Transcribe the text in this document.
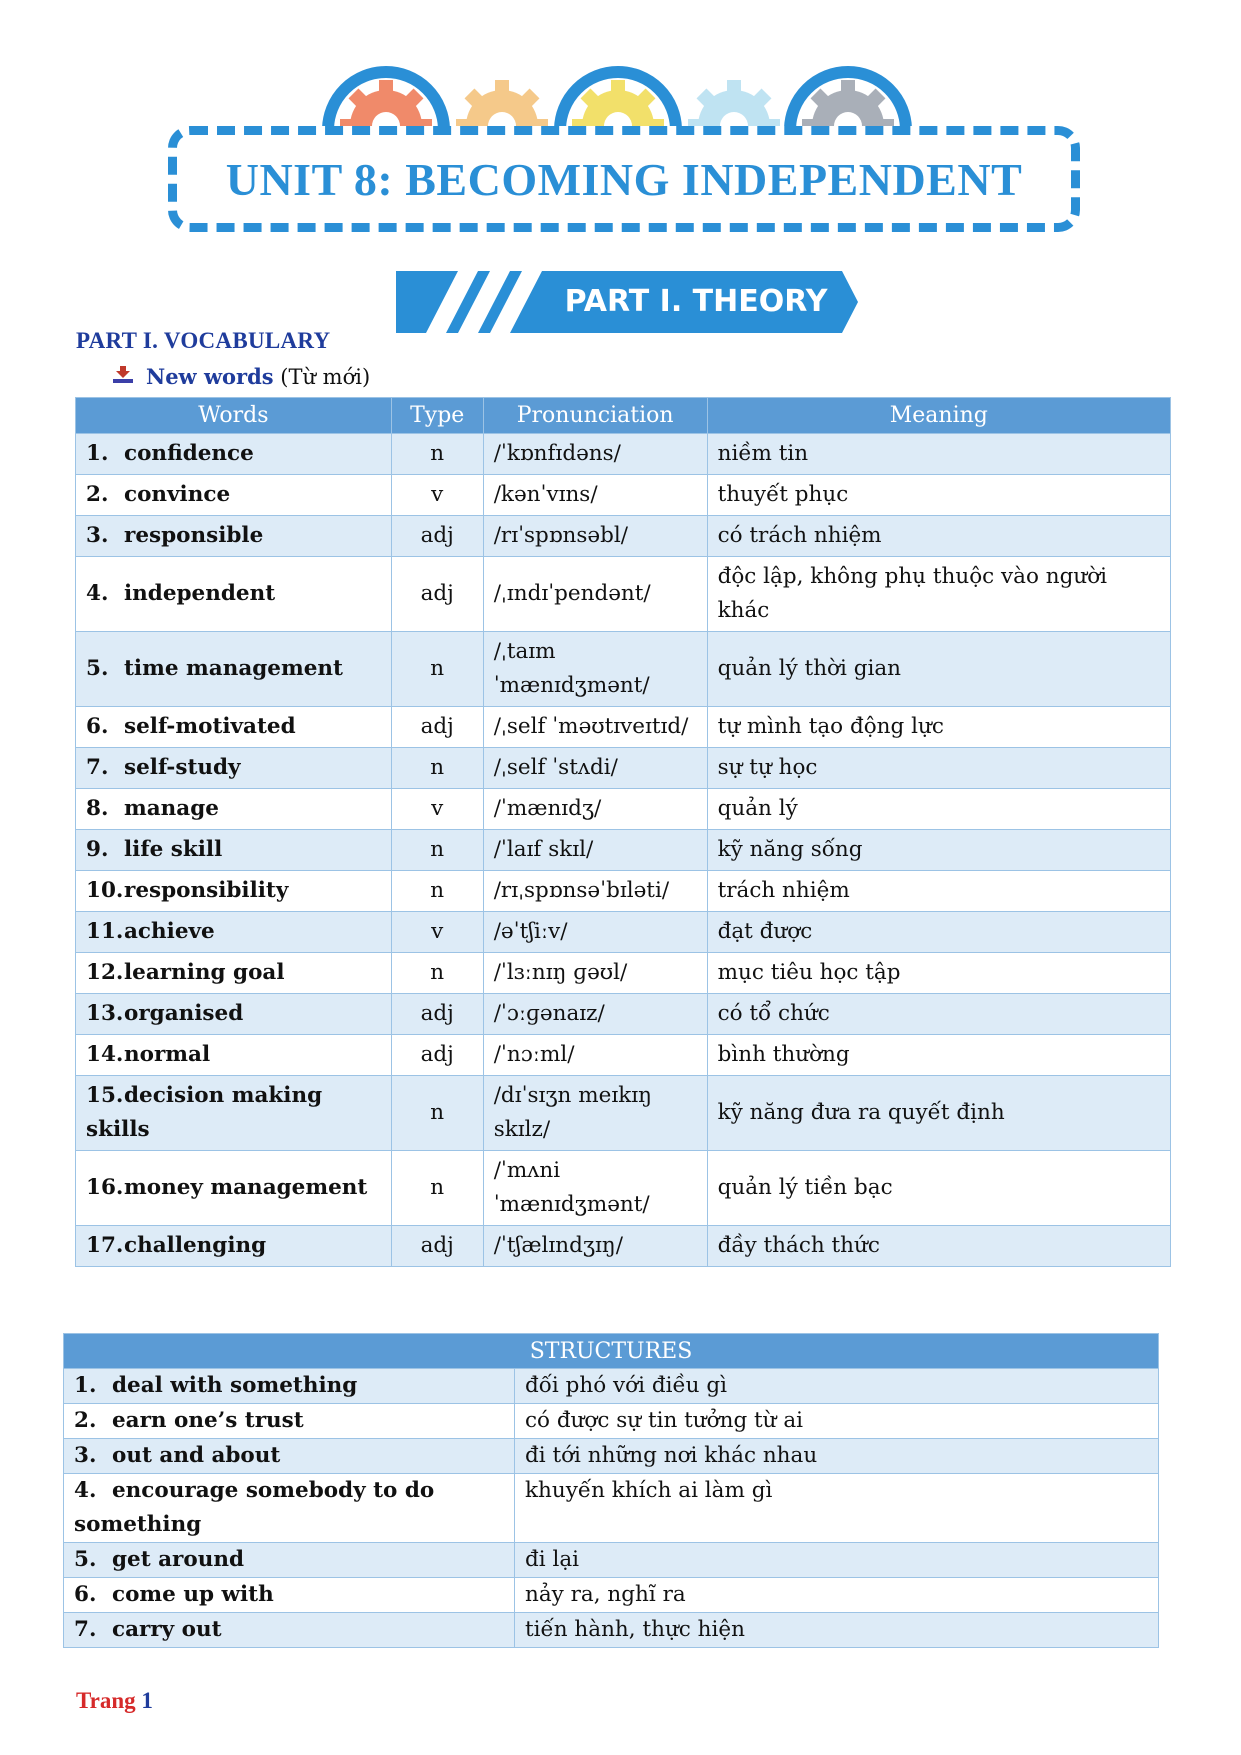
UNIT 8: BECOMING INDEPENDENT
PART I. THEORY
PART I. VOCABULARY
New words (Từ mới)
Words	Type	Pronunciation	Meaning
1. confidence	n	/ˈkɒnfɪdəns/	niềm tin
2. convince	v	/kənˈvɪns/	thuyết phục
3. responsible	adj	/rɪˈspɒnsəbl/	có trách nhiệm
4. independent	adj	/ˌɪndɪˈpendənt/	độc lập, không phụ thuộc vào người khác
5. time management	n	/ˌtaɪm ˈmænɪdʒmənt/	quản lý thời gian
6. self-motivated	adj	/ˌself ˈməʊtɪveɪtɪd/	tự mình tạo động lực
7. self-study	n	/ˌself ˈstʌdi/	sự tự học
8. manage	v	/ˈmænɪdʒ/	quản lý
9. life skill	n	/ˈlaɪf skɪl/	kỹ năng sống
10.responsibility	n	/rɪˌspɒnsəˈbɪləti/	trách nhiệm
11.achieve	v	/əˈtʃiːv/	đạt được
12.learning goal	n	/ˈlɜːnɪŋ ɡəʊl/	mục tiêu học tập
13.organised	adj	/ˈɔːɡənaɪz/	có tổ chức
14.normal	adj	/ˈnɔːml/	bình thường
15.decision making skills	n	/dɪˈsɪʒn meɪkɪŋ skɪlz/	kỹ năng đưa ra quyết định
16.money management	n	/ˈmʌni ˈmænɪdʒmənt/	quản lý tiền bạc
17.challenging	adj	/ˈtʃælɪndʒɪŋ/	đầy thách thức
STRUCTURES	
1. deal with something	đối phó với điều gì
2. earn one’s trust	có được sự tin tưởng từ ai
3. out and about	đi tới những nơi khác nhau
4. encourage somebody to do something	khuyến khích ai làm gì
5. get around	đi lại
6. come up with	nảy ra, nghĩ ra
7. carry out	tiến hành, thực hiện
Trang 1
